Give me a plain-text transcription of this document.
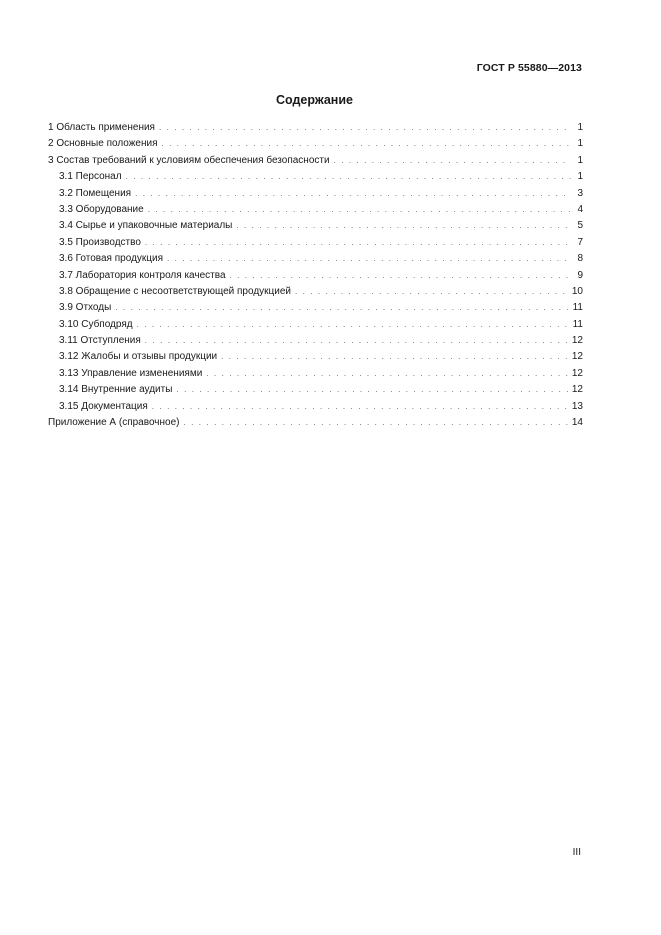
ГОСТ Р 55880—2013
Содержание
1 Область применения . . .	1
2 Основные положения . . .	1
3 Состав требований к условиям обеспечения безопасности . . .	1
3.1 Персонал . . .	1
3.2 Помещения . . .	3
3.3 Оборудование . . .	4
3.4 Сырье и упаковочные материалы . . .	5
3.5 Производство . . .	7
3.6 Готовая продукция . . .	8
3.7 Лаборатория контроля качества . . .	9
3.8 Обращение с несоответствующей продукцией . . .	10
3.9 Отходы . . .	11
3.10 Субподряд . . .	11
3.11 Отступления . . .	12
3.12 Жалобы и отзывы продукции . . .	12
3.13 Управление изменениями . . .	12
3.14 Внутренние аудиты . . .	12
3.15 Документация . . .	13
Приложение А (справочное) . . .	14
III
